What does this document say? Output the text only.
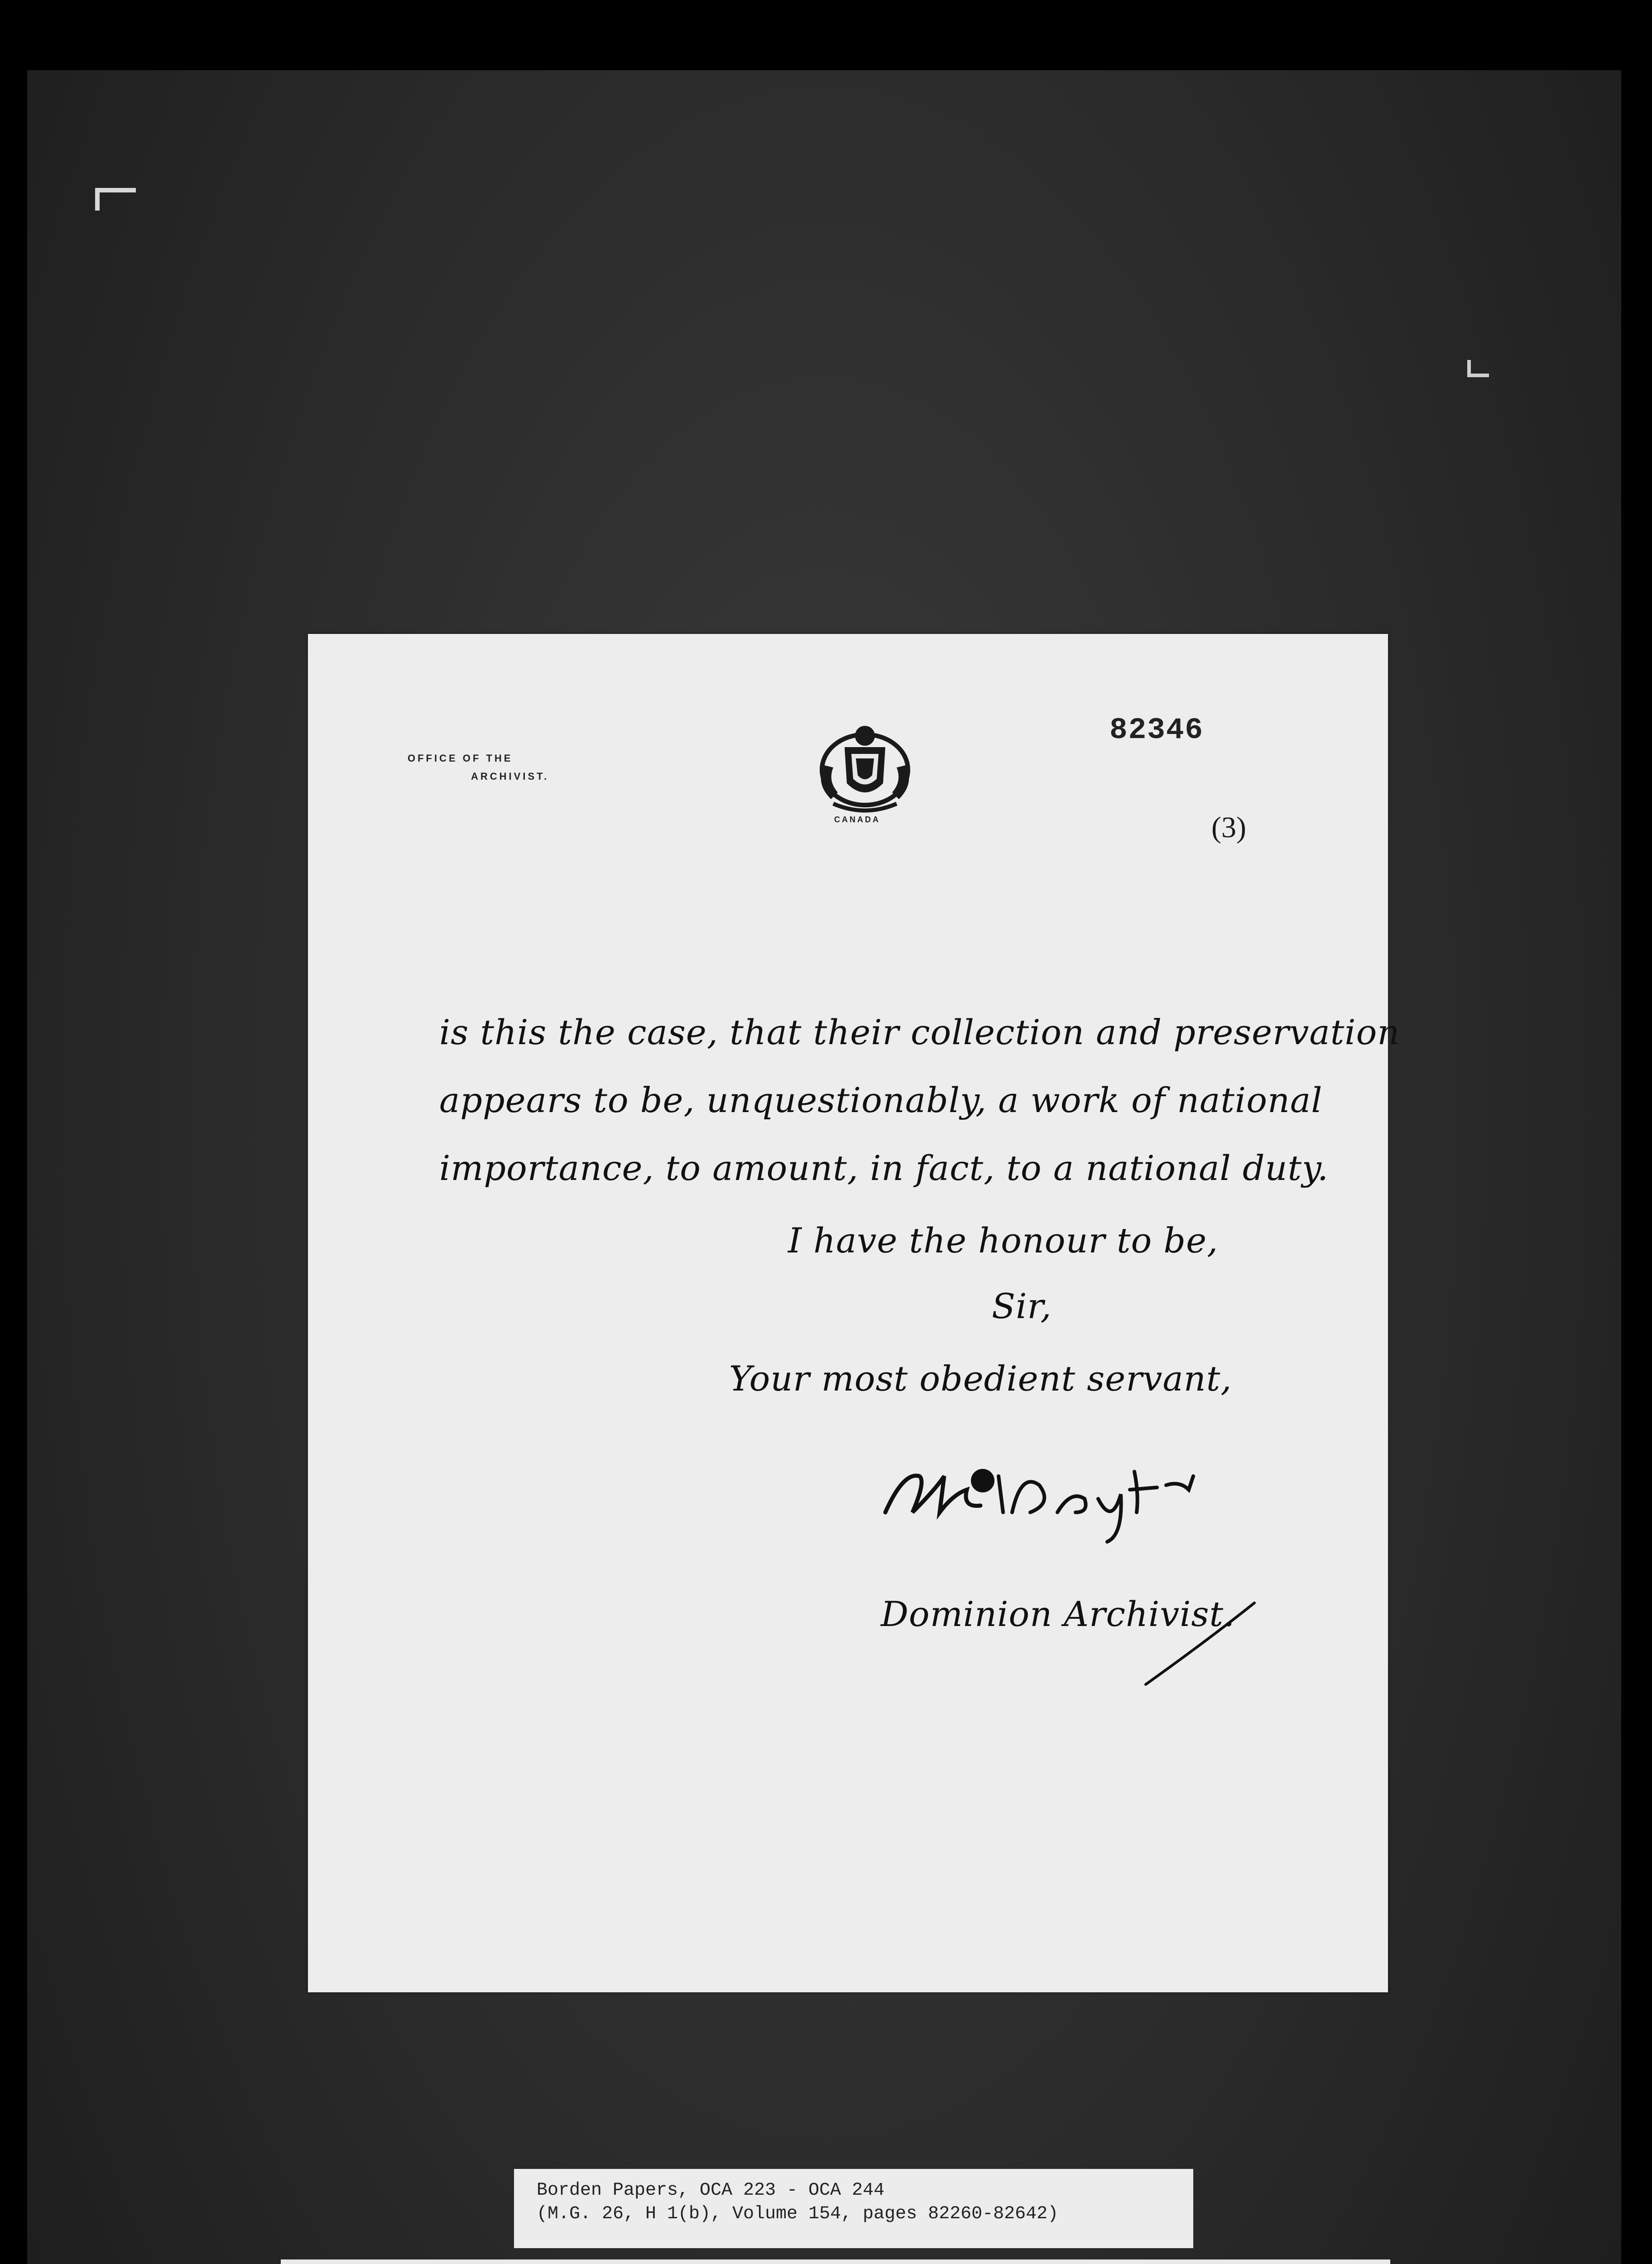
OFFICE OF THE
ARCHIVIST.
CANADA
82346
(3)
is this the case, that their collection and preservation
appears to be, unquestionably, a work of national
importance, to amount, in fact, to a national duty.
I have the honour to be,
Sir,
Your most obedient servant,
Dominion Archivist.
Borden Papers, OCA 223 - OCA 244
(M.G. 26, H 1(b), Volume 154, pages 82260-82642)
